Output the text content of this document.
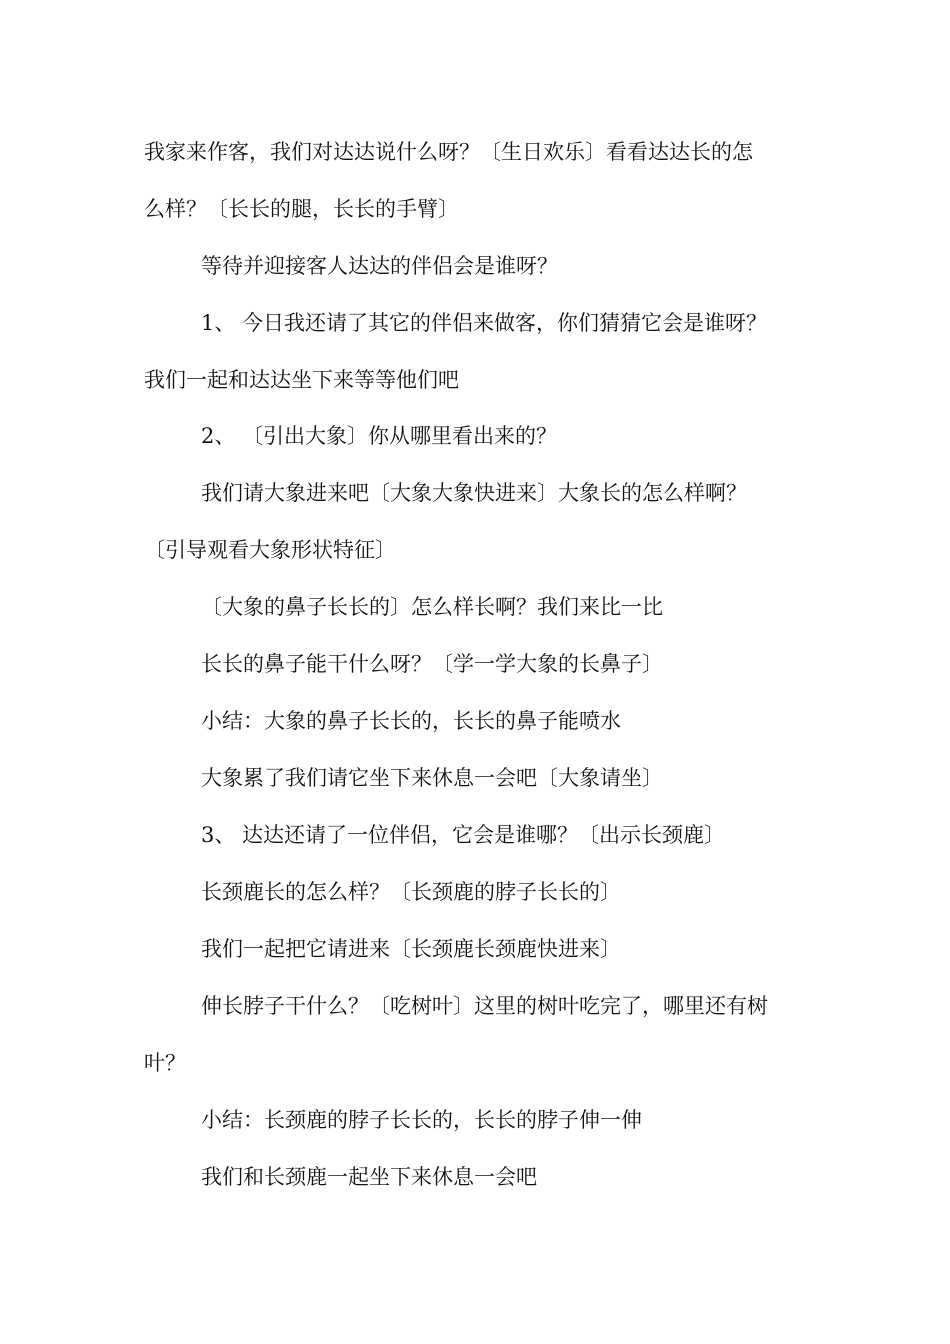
我家来作客，我们对达达说什么呀？〔生日欢乐〕看看达达长的怎
么样？〔长长的腿，长长的手臂〕
等待并迎接客人达达的伴侣会是谁呀？
1、 今日我还请了其它的伴侣来做客，你们猜猜它会是谁呀？
我们一起和达达坐下来等等他们吧
2、 〔引出大象〕你从哪里看出来的？
我们请大象进来吧〔大象大象快进来〕大象长的怎么样啊？
〔引导观看大象形状特征〕
〔大象的鼻子长长的〕怎么样长啊？我们来比一比
长长的鼻子能干什么呀？〔学一学大象的长鼻子〕
小结：大象的鼻子长长的，长长的鼻子能喷水
大象累了我们请它坐下来休息一会吧〔大象请坐〕
3、 达达还请了一位伴侣，它会是谁哪？〔出示长颈鹿〕
长颈鹿长的怎么样？〔长颈鹿的脖子长长的〕
我们一起把它请进来〔长颈鹿长颈鹿快进来〕
伸长脖子干什么？〔吃树叶〕这里的树叶吃完了，哪里还有树
叶？
小结：长颈鹿的脖子长长的，长长的脖子伸一伸
我们和长颈鹿一起坐下来休息一会吧
